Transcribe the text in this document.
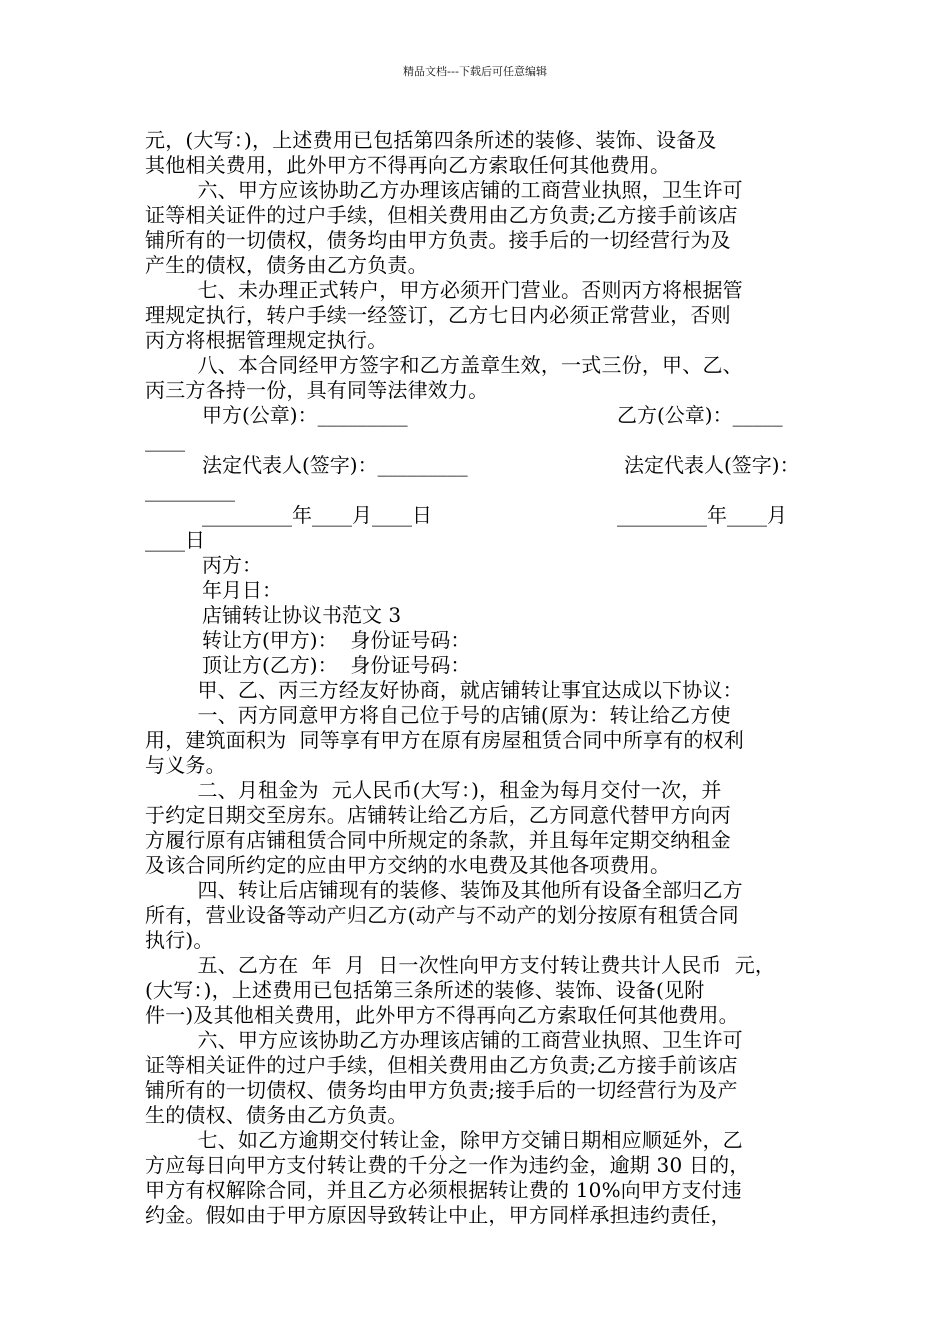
精品文档---下载后可任意编辑
元，(大写：)，上述费用已包括第四条所述的装修、装饰、设备及
其他相关费用，此外甲方不得再向乙方索取任何其他费用。
六、甲方应该协助乙方办理该店铺的工商营业执照，卫生许可
证等相关证件的过户手续，但相关费用由乙方负责;乙方接手前该店
铺所有的一切债权，债务均由甲方负责。接手后的一切经营行为及
产生的债权，债务由乙方负责。
七、未办理正式转户，甲方必须开门营业。否则丙方将根据管
理规定执行，转户手续一经签订，乙方七日内必须正常营业，否则
丙方将根据管理规定执行。
八、本合同经甲方签字和乙方盖章生效，一式三份，甲、乙、
丙三方各持一份，具有同等法律效力。
甲方(公章)：_________	乙方(公章)：_____
____
法定代表人(签字)：_________	法定代表人(签字)：
_________
_________年____月____日	_________年____月
____日
丙方：
年月日：
店铺转让协议书范文 3
转让方(甲方)：  身份证号码：
顶让方(乙方)：  身份证号码：
甲、乙、丙三方经友好协商，就店铺转让事宜达成以下协议：
一、丙方同意甲方将自己位于号的店铺(原为：转让给乙方使
用，建筑面积为  同等享有甲方在原有房屋租赁合同中所享有的权利
与义务。
二、月租金为  元人民币(大写：)，租金为每月交付一次，并
于约定日期交至房东。店铺转让给乙方后，乙方同意代替甲方向丙
方履行原有店铺租赁合同中所规定的条款，并且每年定期交纳租金
及该合同所约定的应由甲方交纳的水电费及其他各项费用。
四、转让后店铺现有的装修、装饰及其他所有设备全部归乙方
所有，营业设备等动产归乙方(动产与不动产的划分按原有租赁合同
执行)。
五、乙方在  年  月  日一次性向甲方支付转让费共计人民币  元，
(大写：)，上述费用已包括第三条所述的装修、装饰、设备(见附
件一)及其他相关费用，此外甲方不得再向乙方索取任何其他费用。
六、甲方应该协助乙方办理该店铺的工商营业执照、卫生许可
证等相关证件的过户手续，但相关费用由乙方负责;乙方接手前该店
铺所有的一切债权、债务均由甲方负责;接手后的一切经营行为及产
生的债权、债务由乙方负责。
七、如乙方逾期交付转让金，除甲方交铺日期相应顺延外，乙
方应每日向甲方支付转让费的千分之一作为违约金，逾期 30 日的，
甲方有权解除合同，并且乙方必须根据转让费的 10%向甲方支付违
约金。假如由于甲方原因导致转让中止，甲方同样承担违约责任，
